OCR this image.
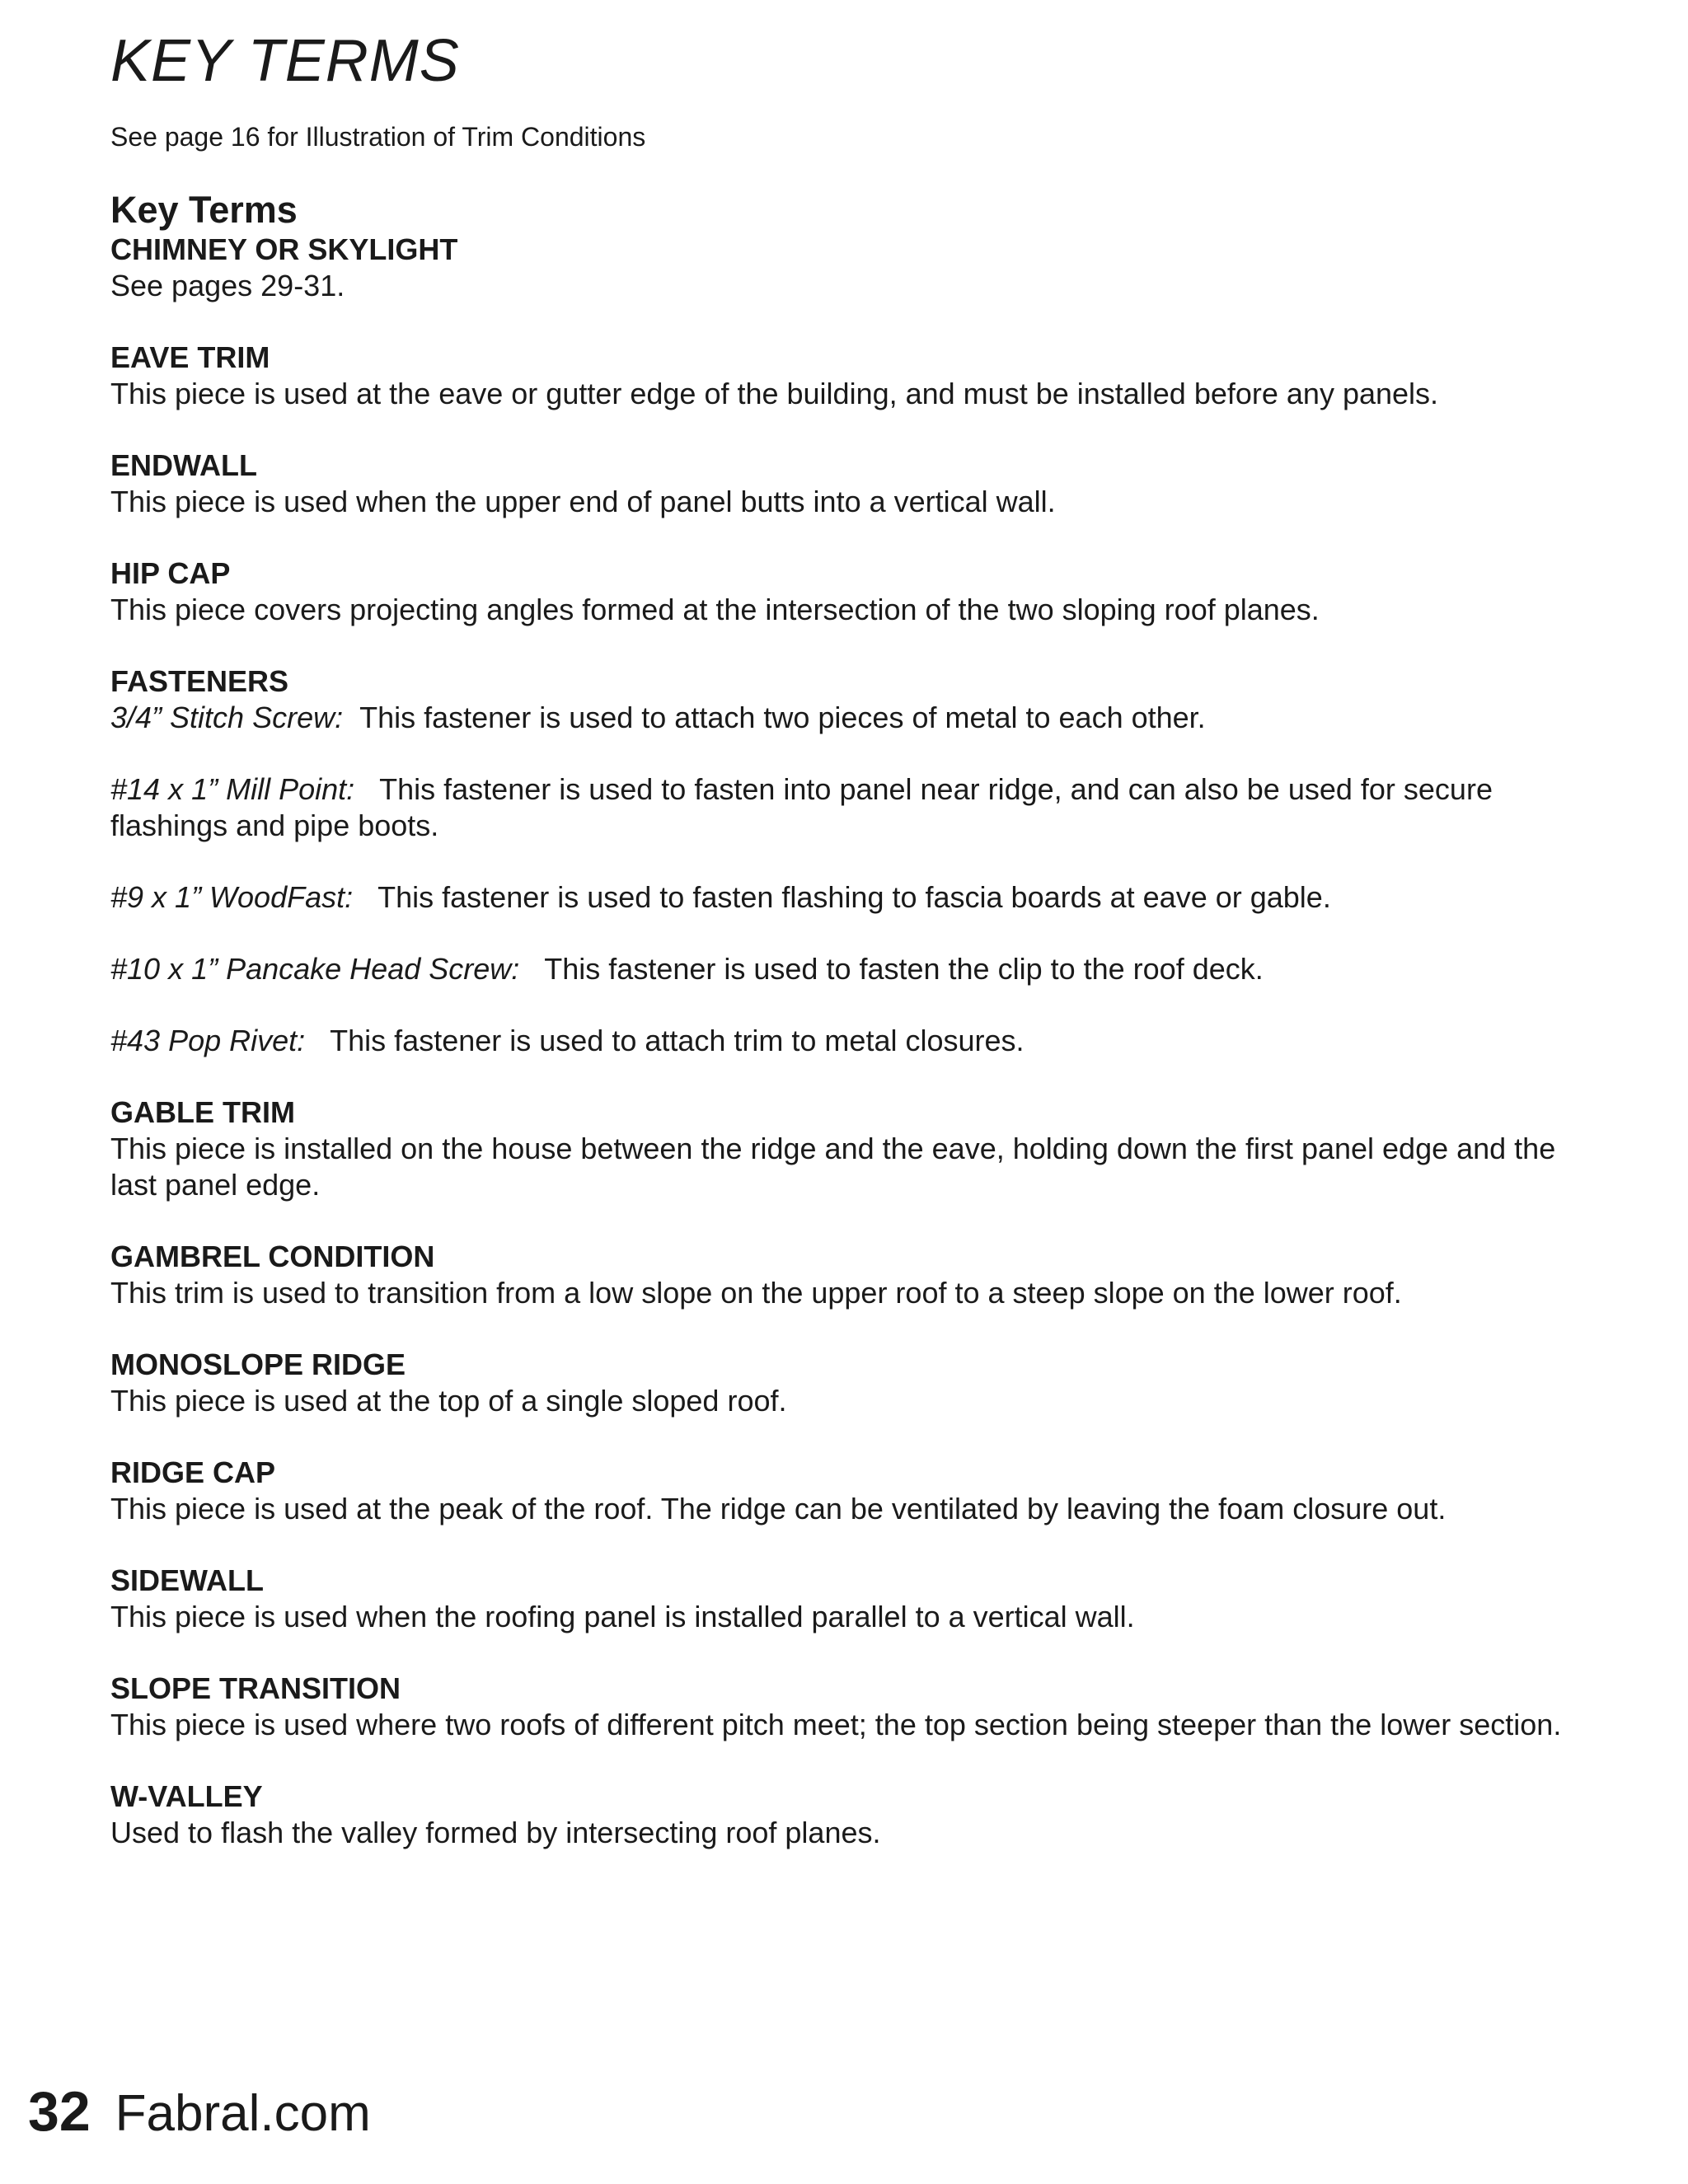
KEY TERMS

See page 16 for Illustration of Trim Conditions

Key Terms
CHIMNEY OR SKYLIGHT
See pages 29-31.
EAVE TRIM
This piece is used at the eave or gutter edge of the building, and must be installed before any panels.
ENDWALL
This piece is used when the upper end of panel butts into a vertical wall.
HIP CAP
This piece covers projecting angles formed at the intersection of the two sloping roof planes.
FASTENERS

3/4” Stitch Screw: This fastener is used to attach two pieces of metal to each other.

#14 x 1” Mill Point: This fastener is used to fasten into panel near ridge, and can also be used for secure flashings and pipe boots.

#9 x 1” WoodFast: This fastener is used to fasten flashing to fascia boards at eave or gable.

#10 x 1” Pancake Head Screw: This fastener is used to fasten the clip to the roof deck.

#43 Pop Rivet: This fastener is used to attach trim to metal closures.

GABLE TRIM
This piece is installed on the house between the ridge and the eave, holding down the first panel edge and the last panel edge.
GAMBREL CONDITION
This trim is used to transition from a low slope on the upper roof to a steep slope on the lower roof.
MONOSLOPE RIDGE
This piece is used at the top of a single sloped roof.
RIDGE CAP
This piece is used at the peak of the roof. The ridge can be ventilated by leaving the foam closure out.
SIDEWALL
This piece is used when the roofing panel is installed parallel to a vertical wall.
SLOPE TRANSITION
This piece is used where two roofs of different pitch meet; the top section being steeper than the lower section.
W-VALLEY
Used to flash the valley formed by intersecting roof planes.
32 Fabral.com
